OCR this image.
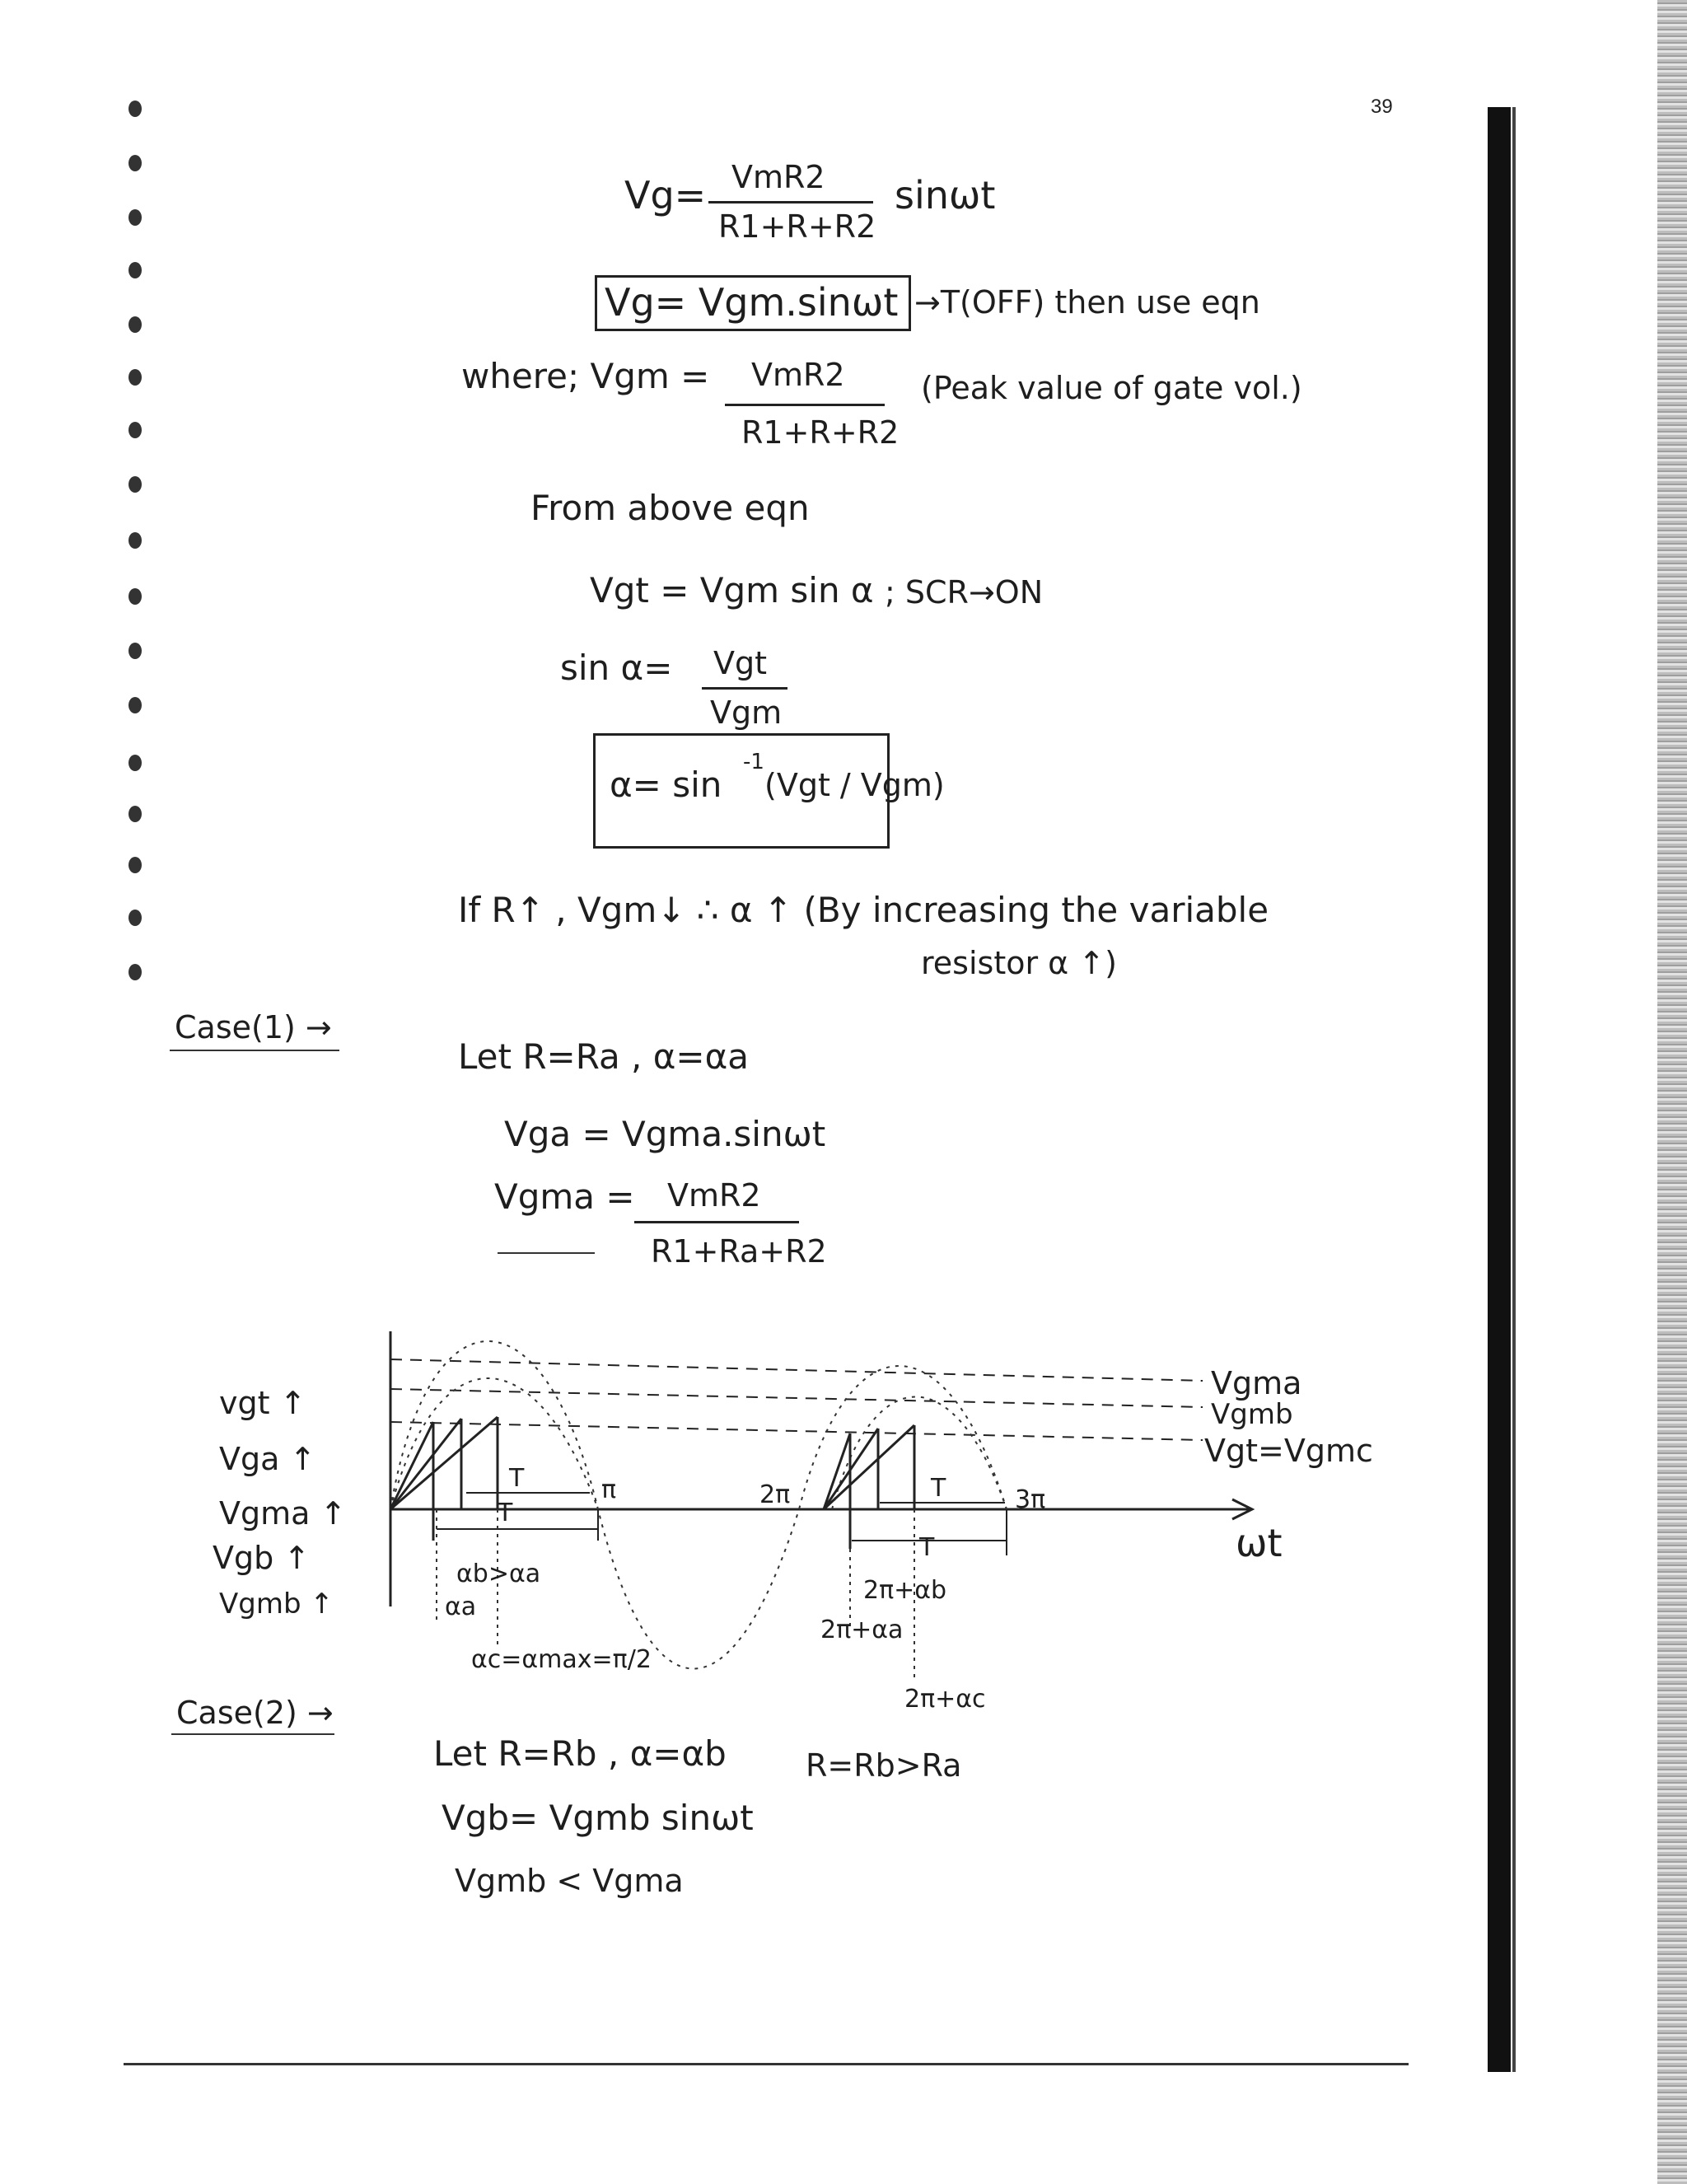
39
Vg= VmR2
R1+R+R2
sinωt
Vg= Vgm.sinωt →T(OFF) then use eqn
where; Vgm = VmR2
R1+R+R2
(Peak value of gate vol.)
From above eqn
Vgt = Vgm sin α ; SCR→ON
sin α= Vgt
Vgm
α= sin
-1
(Vgt / Vgm)
If R↑ , Vgm↓ ∴ α ↑ (By increasing the variable
resistor α ↑)
Case(1) →
Let R=Ra , α=αa
Vga = Vgma.sinωt
Vgma = VmR2
R1+Ra+R2
vgt ↑
Vga ↑
Vgma ↑
Vgb ↑
Vgmb ↑
Vgma
Vgmb
Vgt=Vgmc
ωt
π	2π	3π
T
T
T
T
αb>αa
αa
αc=αmax=π/2
2π+αb
2π+αa
2π+αc
Case(2) →
Let R=Rb , α=αb	R=Rb>Ra
Vgb= Vgmb sinωt
Vgmb < Vgma
